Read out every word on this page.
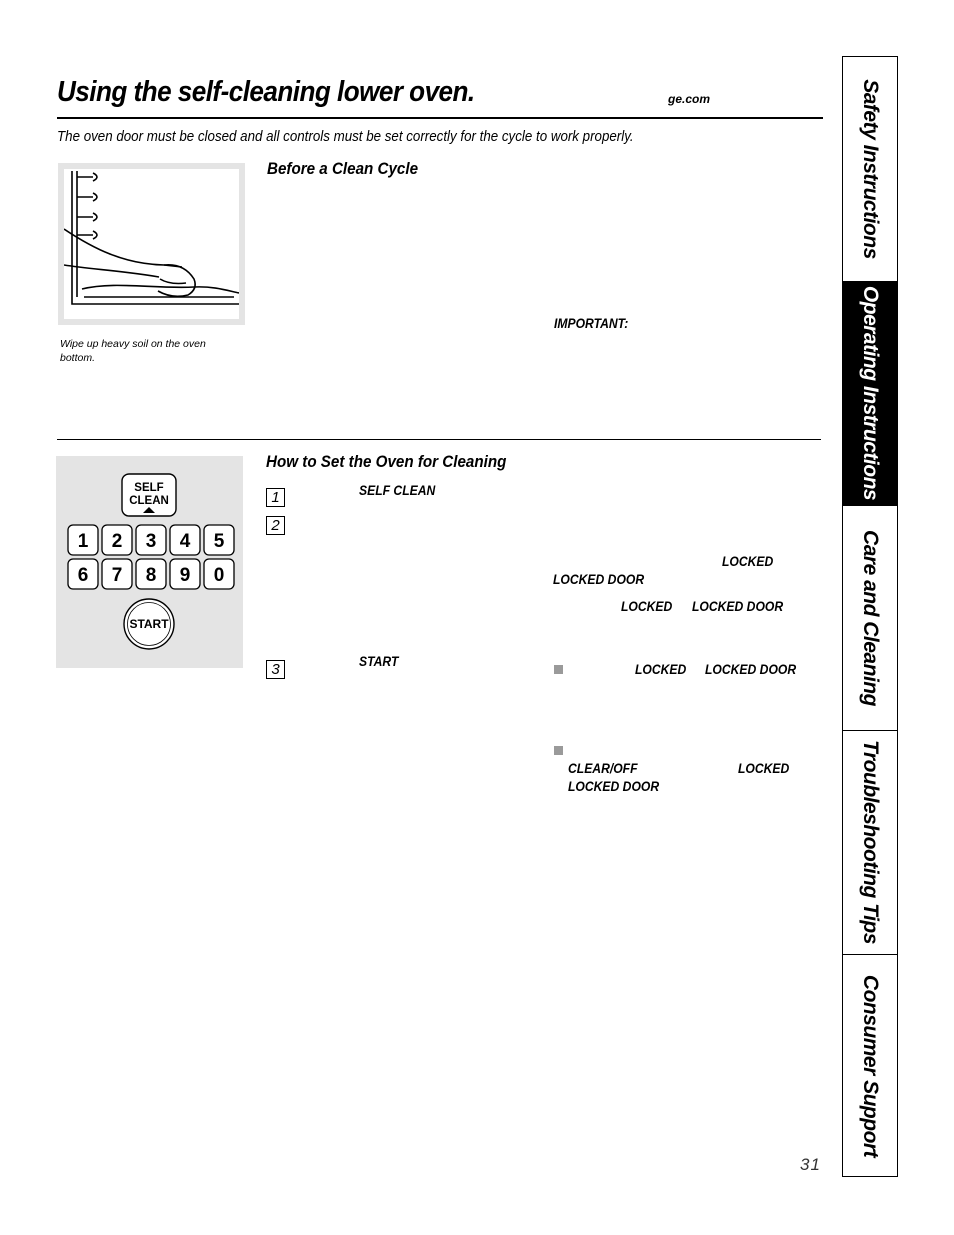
Using the self-cleaning lower oven.	ge.com
The oven door must be closed and all controls must be set correctly for the cycle to work properly.
Wipe up heavy soil on the oven bottom.
Before a Clean Cycle
IMPORTANT:
SELF
CLEAN
1 2 3 4 5
6 7 8 9 0
START
How to Set the Oven for Cleaning
1	SELF CLEAN
2
LOCKED
LOCKED DOOR
LOCKED LOCKED DOOR
3	START
LOCKED LOCKED DOOR
CLEAR/OFF	LOCKED
LOCKED DOOR
31
Safety Instructions
Operating Instructions
Care and Cleaning
Troubleshooting Tips
Consumer Support
